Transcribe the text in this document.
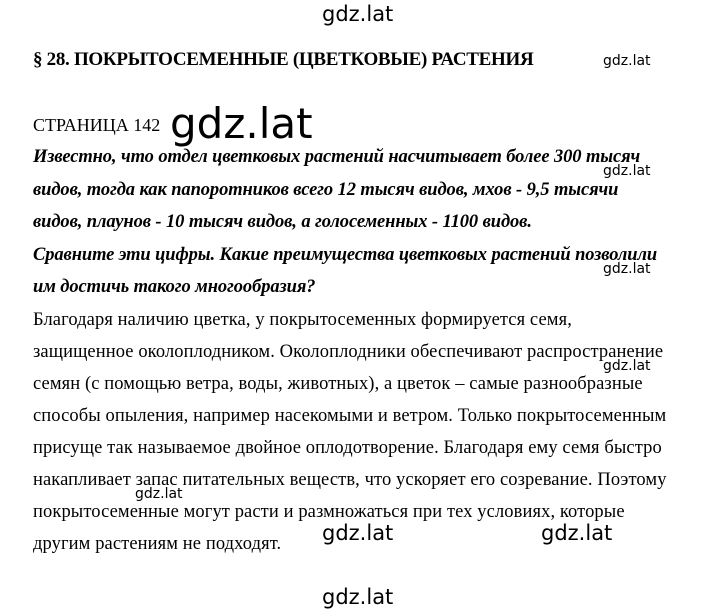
gdz.lat
gdz.lat
gdz.lat
gdz.lat
gdz.lat
gdz.lat
gdz.lat
gdz.lat	gdz.lat
gdz.lat
§ 28. ПОКРЫТОСЕМЕННЫЕ (ЦВЕТКОВЫЕ) РАСТЕНИЯ
СТРАНИЦА 142
Известно, что отдел цветковых растений насчитывает более 300 тысяч
видов, тогда как папоротников всего 12 тысяч видов, мхов - 9,5 тысячи
видов, плаунов - 10 тысяч видов, а голосеменных - 1100 видов.
Сравните эти цифры. Какие преимущества цветковых растений позволили
им достичь такого многообразия?
Благодаря наличию цветка, у покрытосеменных формируется семя,
защищенное околоплодником. Околоплодники обеспечивают распространение
семян (с помощью ветра, воды, животных), а цветок – самые разнообразные
способы опыления, например насекомыми и ветром. Только покрытосеменным
присуще так называемое двойное оплодотворение. Благодаря ему семя быстро
накапливает запас питательных веществ, что ускоряет его созревание. Поэтому
покрытосеменные могут расти и размножаться при тех условиях, которые
другим растениям не подходят.
